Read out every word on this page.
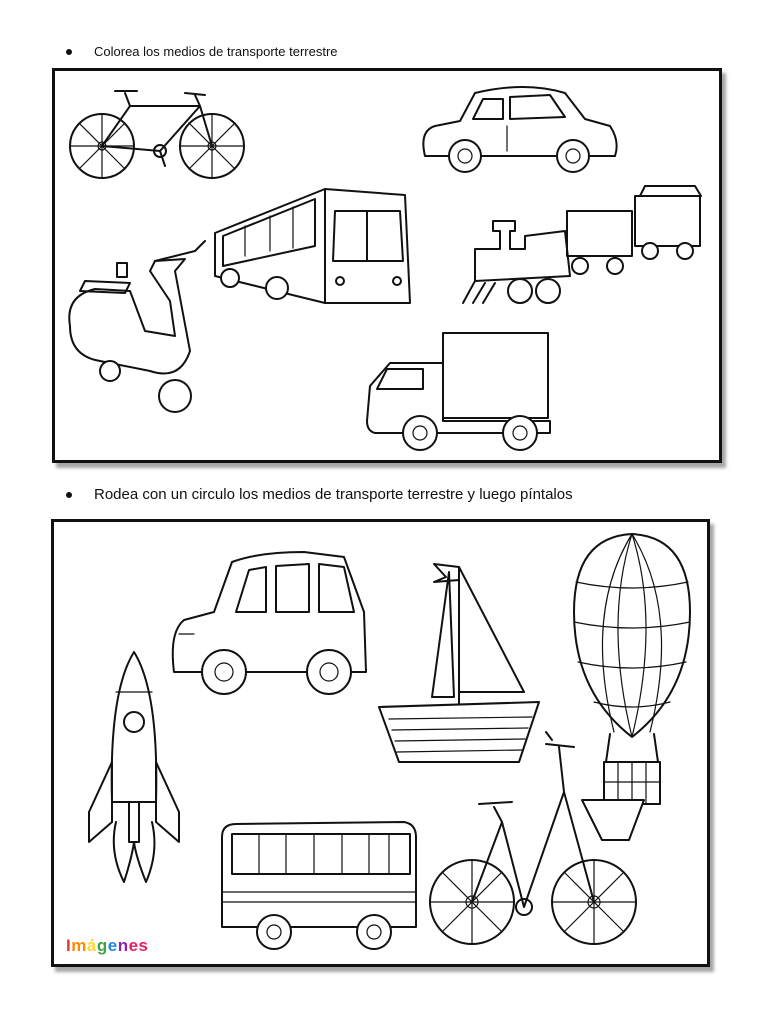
Colorea los medios de transporte terrestre
Rodea con un circulo los medios de transporte terrestre y luego píntalos
Imágenes
